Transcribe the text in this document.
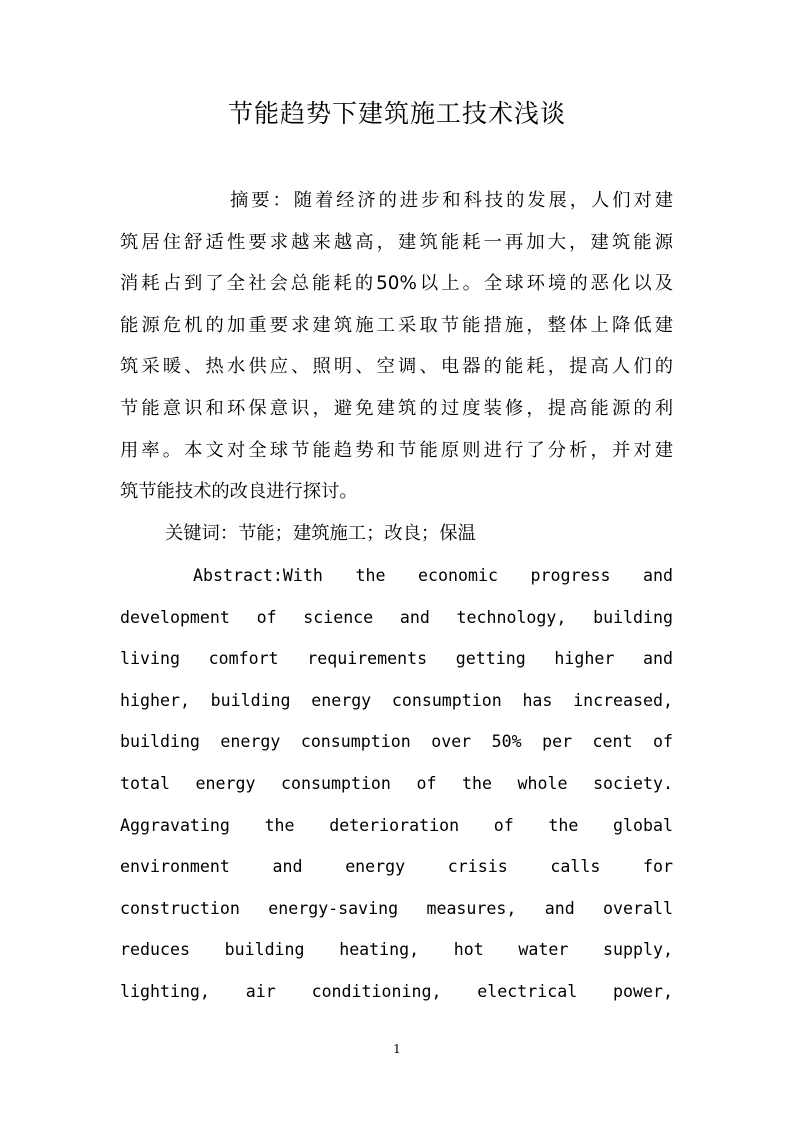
节能趋势下建筑施工技术浅谈
摘要：随着经济的进步和科技的发展，人们对建
筑居住舒适性要求越来越高，建筑能耗一再加大，建筑能源
消耗占到了全社会总能耗的50%以上。全球环境的恶化以及
能源危机的加重要求建筑施工采取节能措施，整体上降低建
筑采暖、热水供应、照明、空调、电器的能耗，提高人们的
节能意识和环保意识，避免建筑的过度装修，提高能源的利
用率。本文对全球节能趋势和节能原则进行了分析，并对建
筑节能技术的改良进行探讨。

关键词：节能；建筑施工；改良；保温

Abstract:With the economic progress and
development of science and technology, building
living comfort requirements getting higher and
higher, building energy consumption has increased,
building energy consumption over 50% per cent of
total energy consumption of the whole society.
Aggravating the deterioration of the global
environment and energy crisis calls for
construction energy-saving measures, and overall
reduces building heating, hot water supply,
lighting, air conditioning, electrical power,

1
